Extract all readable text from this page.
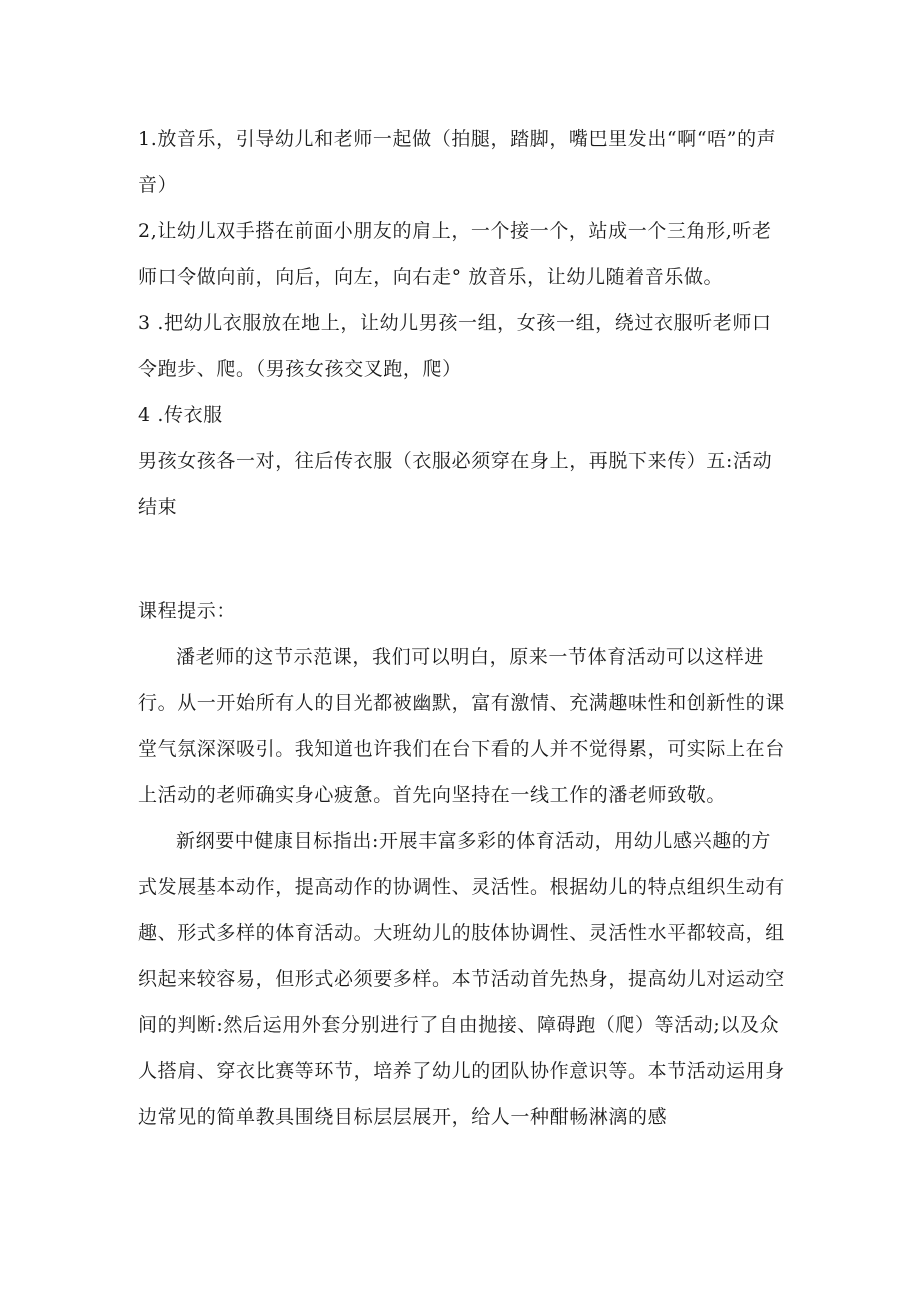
1.放音乐，引导幼儿和老师一起做（拍腿，踏脚，嘴巴里发出“啊“唔”的声音）

2,让幼儿双手搭在前面小朋友的肩上，一个接一个，站成一个三角形,听老师口令做向前，向后，向左，向右走° 放音乐，让幼儿随着音乐做。

3 .把幼儿衣服放在地上，让幼儿男孩一组，女孩一组，绕过衣服听老师口令跑步、爬。（男孩女孩交叉跑，爬）

4 .传衣服

男孩女孩各一对，往后传衣服（衣服必须穿在身上，再脱下来传）五:活动结束

课程提示：

潘老师的这节示范课，我们可以明白，原来一节体育活动可以这样进行。从一开始所有人的目光都被幽默，富有激情、充满趣味性和创新性的课堂气氛深深吸引。我知道也许我们在台下看的人并不觉得累，可实际上在台上活动的老师确实身心疲惫。首先向坚持在一线工作的潘老师致敬。

新纲要中健康目标指出:开展丰富多彩的体育活动，用幼儿感兴趣的方式发展基本动作，提高动作的协调性、灵活性。根据幼儿的特点组织生动有趣、形式多样的体育活动。大班幼儿的肢体协调性、灵活性水平都较高，组织起来较容易，但形式必须要多样。本节活动首先热身，提高幼儿对运动空间的判断:然后运用外套分别进行了自由抛接、障碍跑（爬）等活动;以及众人搭肩、穿衣比赛等环节，培养了幼儿的团队协作意识等。本节活动运用身边常见的简单教具围绕目标层层展开，给人一种酣畅淋漓的感
